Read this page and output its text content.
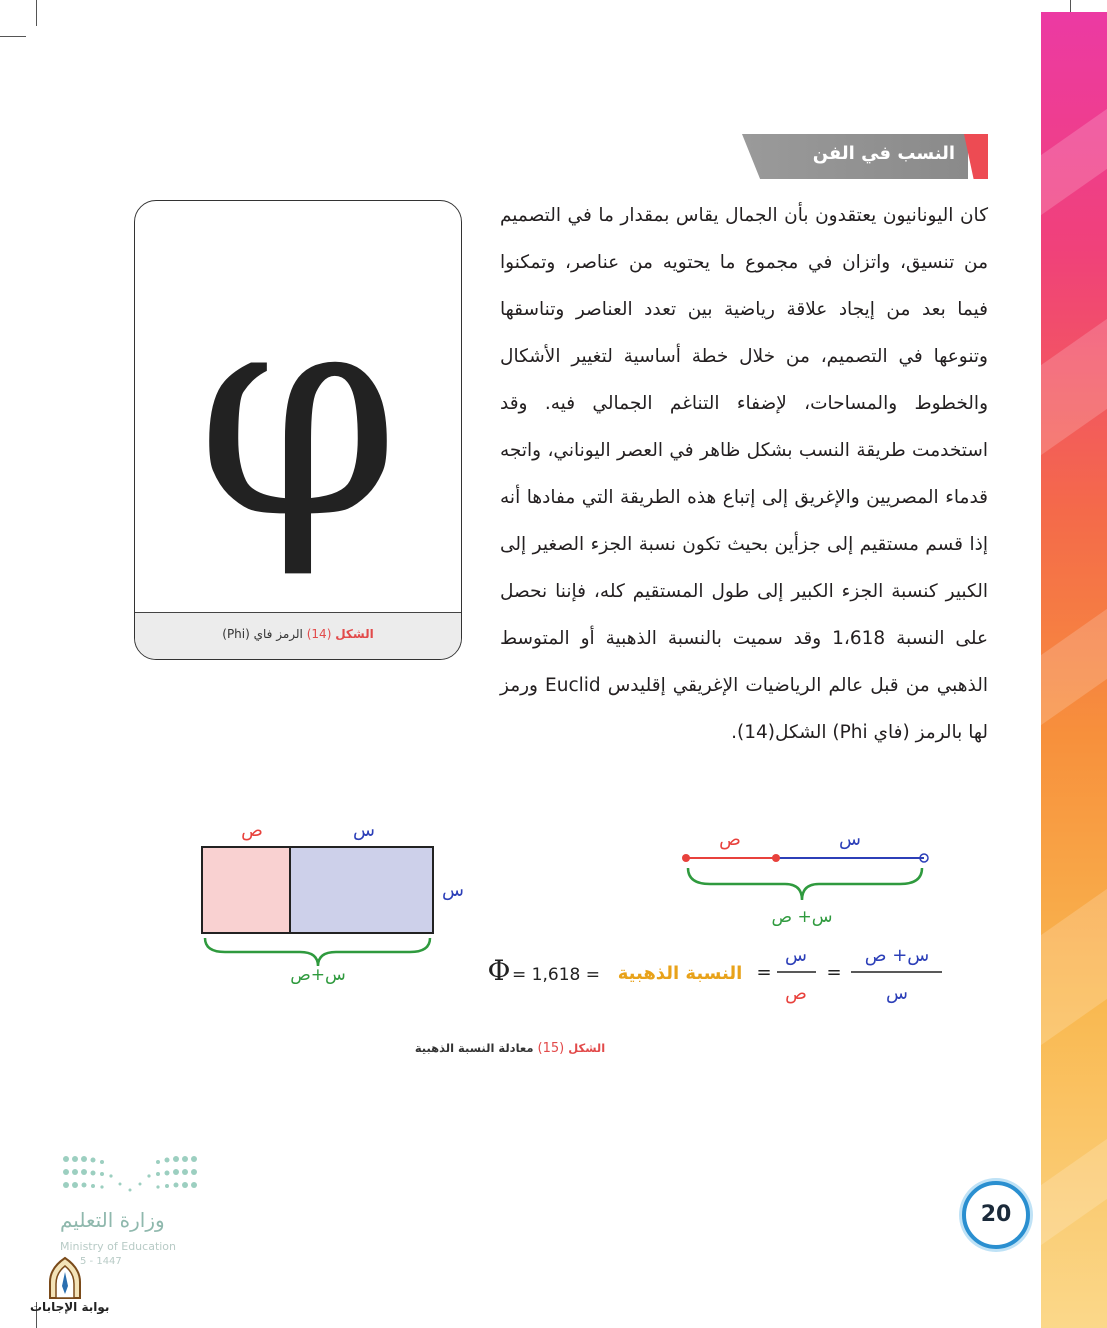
النسب في الفن
كان اليونانيون يعتقدون بأن الجمال يقاس بمقدار ما في التصميم من تنسيق، واتزان في مجموع ما يحتويه من عناصر، وتمكنوا فيما بعد من إيجاد علاقة رياضية بين تعدد العناصر وتناسقها وتنوعها في التصميم، من خلال خطة أساسية لتغيير الأشكال والخطوط والمساحات، لإضفاء التناغم الجمالي فيه. وقد استخدمت طريقة النسب بشكل ظاهر في العصر اليوناني، واتجه قدماء المصريين والإغريق إلى إتباع هذه الطريقة التي مفادها أنه إذا قسم مستقيم إلى جزأين بحيث تكون نسبة الجزء الصغير إلى الكبير كنسبة الجزء الكبير إلى طول المستقيم كله، فإننا نحصل على النسبة 1،618 وقد سميت بالنسبة الذهبية أو المتوسط الذهبي من قبل عالم الرياضيات الإغريقي إقليدس Euclid ورمز لها بالرمز (فاي Phi) الشكل(14).
φ
الشكل (14) الرمز فاي (Phi)
ص	س
س
س+ص
ص	س
س+ ص
س+ ص
س
=
س
ص
=
النسبة الذهبية
= 1,618 =
Φ
الشكل (15) معادلة النسبة الذهبية
وزارة التعليم
Ministry of Education
5 - 1447
بوابة الإجابات
20
